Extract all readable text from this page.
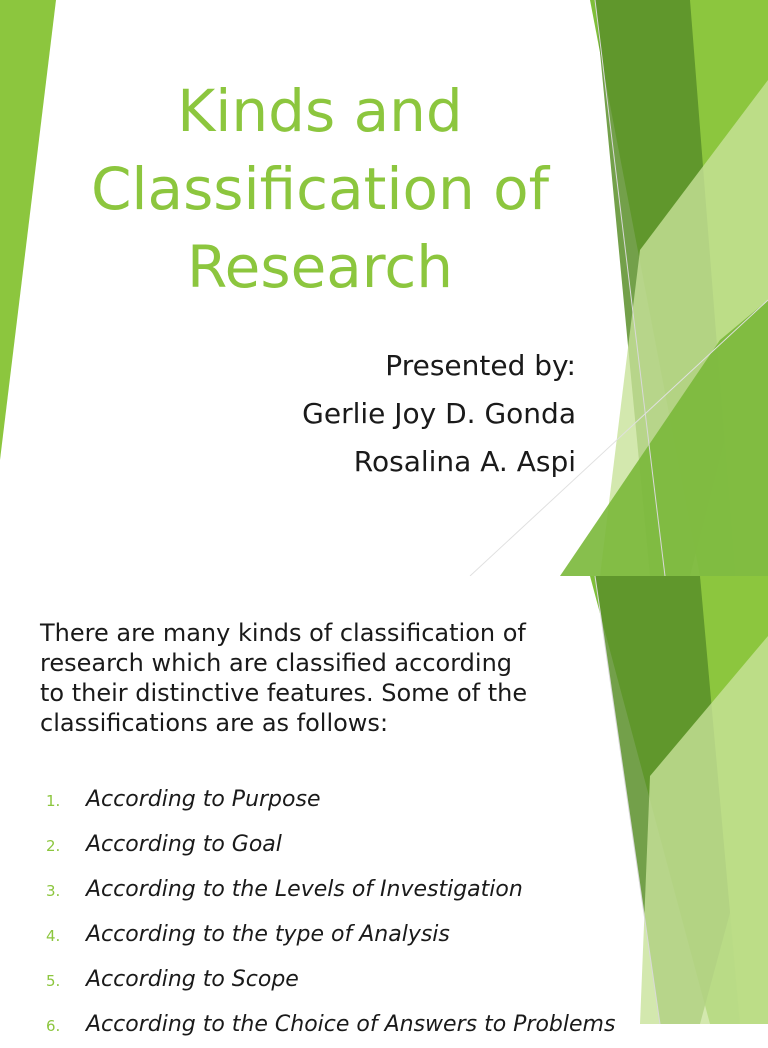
Kinds and
Classification of
Research
Presented by:
Gerlie Joy D. Gonda
Rosalina A. Aspi

There are many kinds of classification of
research which are classified according
to their distinctive features. Some of the
classifications are as follows:

1. According to Purpose
2. According to Goal
3. According to the Levels of Investigation
4. According to the type of Analysis
5. According to Scope
6. According to the Choice of Answers to Problems
